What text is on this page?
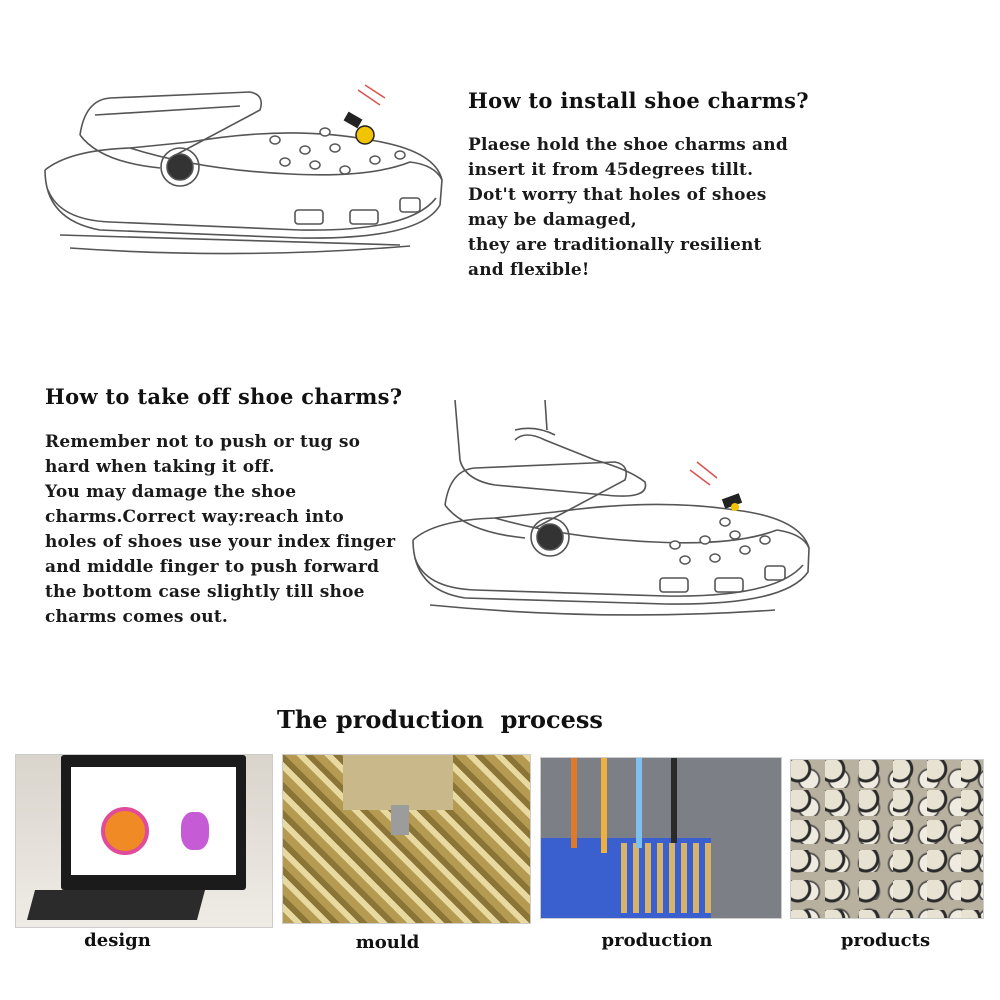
How to install shoe charms?
Plaese hold the shoe charms and
insert it from 45degrees tillt.
Dot't worry that holes of shoes
may be damaged,
they are traditionally resilient
and flexible!
How to take off shoe charms?
Remember not to push or tug so
hard when taking it off.
You may damage the shoe
charms.Correct way:reach into
holes of shoes use your index finger
and middle finger to push forward
the bottom case slightly till shoe
charms comes out.
The production  process
design	mould	production	products
